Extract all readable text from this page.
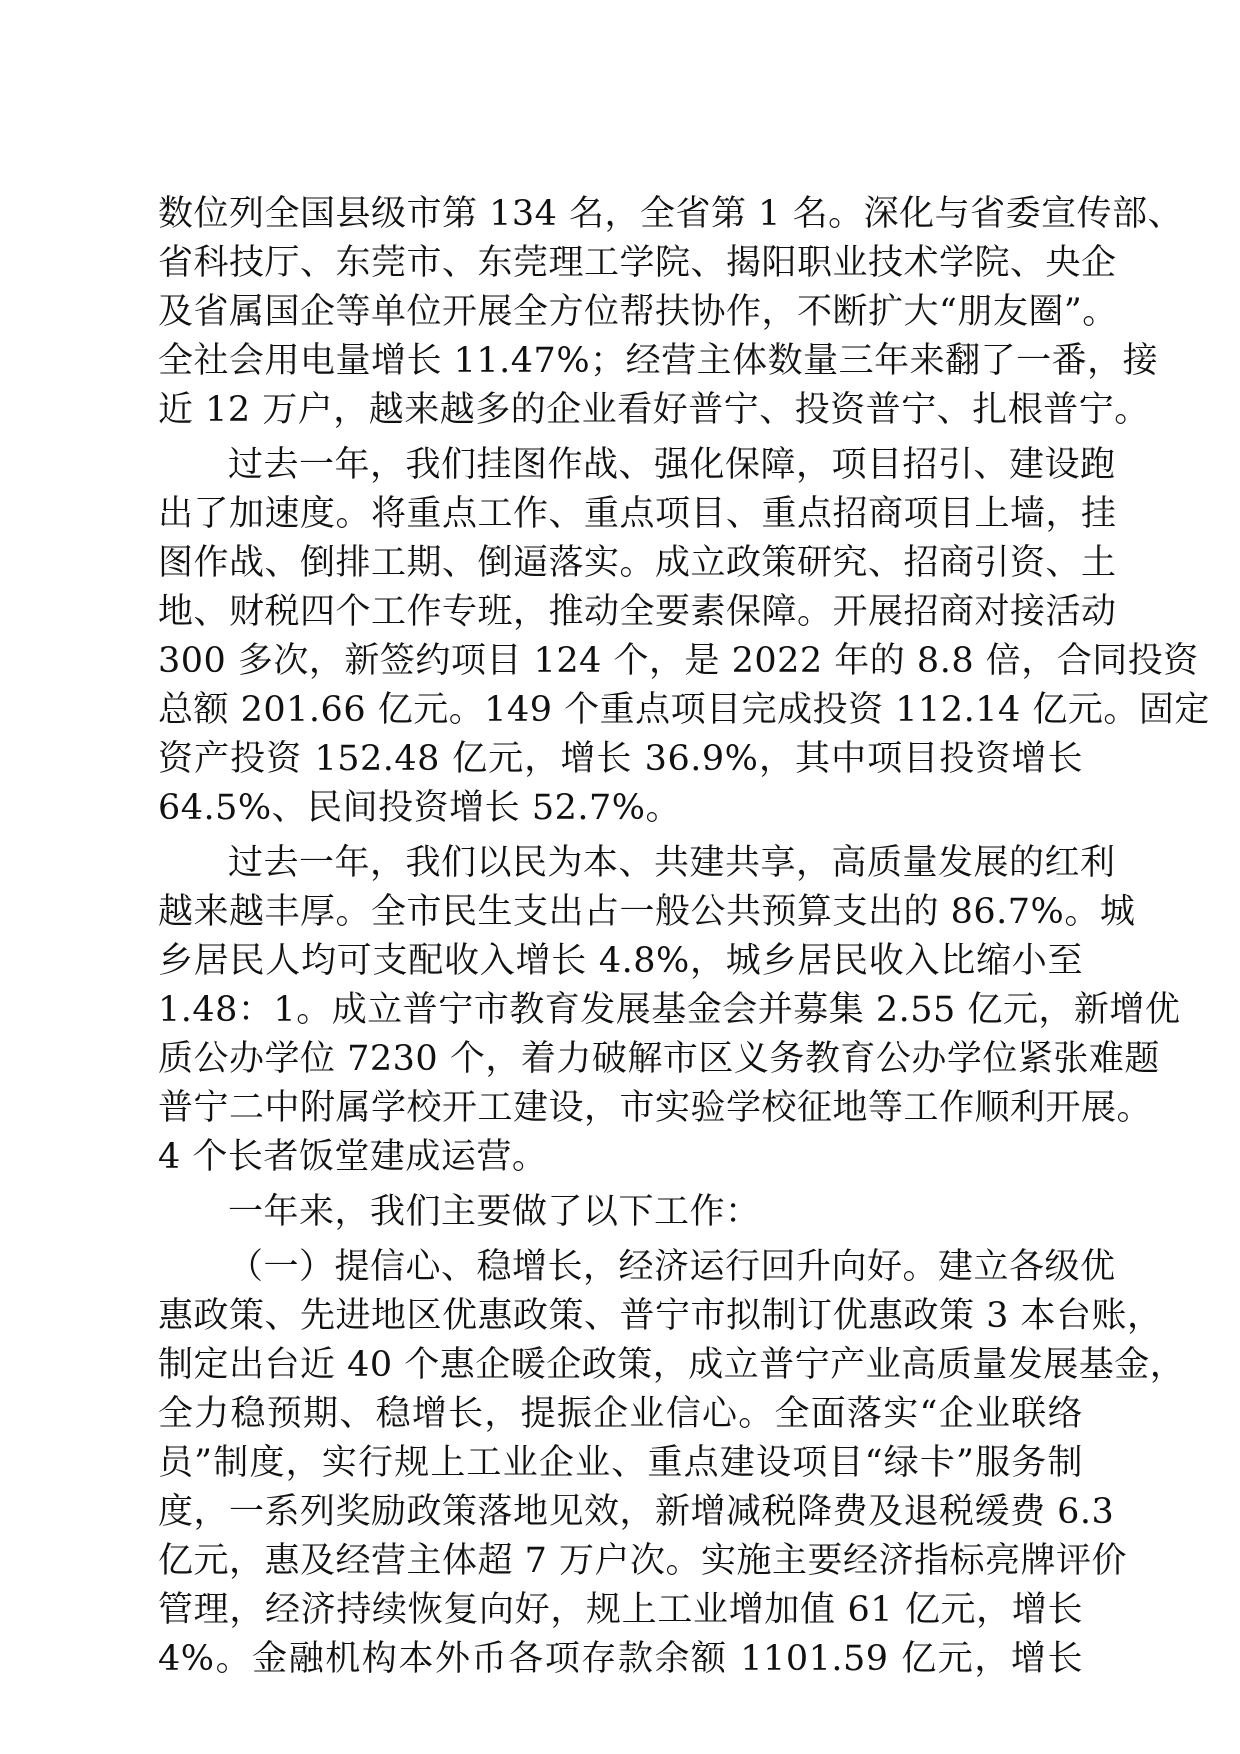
数位列全国县级市第 134 名，全省第 1 名。深化与省委宣传部、
省科技厅、东莞市、东莞理工学院、揭阳职业技术学院、央企
及省属国企等单位开展全方位帮扶协作，不断扩大“朋友圈”。
全社会用电量增长 11.47%；经营主体数量三年来翻了一番，接
近 12 万户，越来越多的企业看好普宁、投资普宁、扎根普宁。
过去一年，我们挂图作战、强化保障，项目招引、建设跑
出了加速度。将重点工作、重点项目、重点招商项目上墙，挂
图作战、倒排工期、倒逼落实。成立政策研究、招商引资、土
地、财税四个工作专班，推动全要素保障。开展招商对接活动
300 多次，新签约项目 124 个，是 2022 年的 8.8 倍，合同投资
总额 201.66 亿元。149 个重点项目完成投资 112.14 亿元。固定
资产投资 152.48 亿元，增长 36.9%，其中项目投资增长
64.5%、民间投资增长 52.7%。
过去一年，我们以民为本、共建共享，高质量发展的红利
越来越丰厚。全市民生支出占一般公共预算支出的 86.7%。城
乡居民人均可支配收入增长 4.8%，城乡居民收入比缩小至
1.48：1。成立普宁市教育发展基金会并募集 2.55 亿元，新增优
质公办学位 7230 个，着力破解市区义务教育公办学位紧张难题
普宁二中附属学校开工建设，市实验学校征地等工作顺利开展。
4 个长者饭堂建成运营。
一年来，我们主要做了以下工作：
（一）提信心、稳增长，经济运行回升向好。建立各级优
惠政策、先进地区优惠政策、普宁市拟制订优惠政策 3 本台账，
制定出台近 40 个惠企暖企政策，成立普宁产业高质量发展基金，
全力稳预期、稳增长，提振企业信心。全面落实“企业联络
员”制度，实行规上工业企业、重点建设项目“绿卡”服务制
度，一系列奖励政策落地见效，新增减税降费及退税缓费 6.3
亿元，惠及经营主体超 7 万户次。实施主要经济指标亮牌评价
管理，经济持续恢复向好，规上工业增加值 61 亿元，增长
4%。金融机构本外币各项存款余额 1101.59 亿元，增长
